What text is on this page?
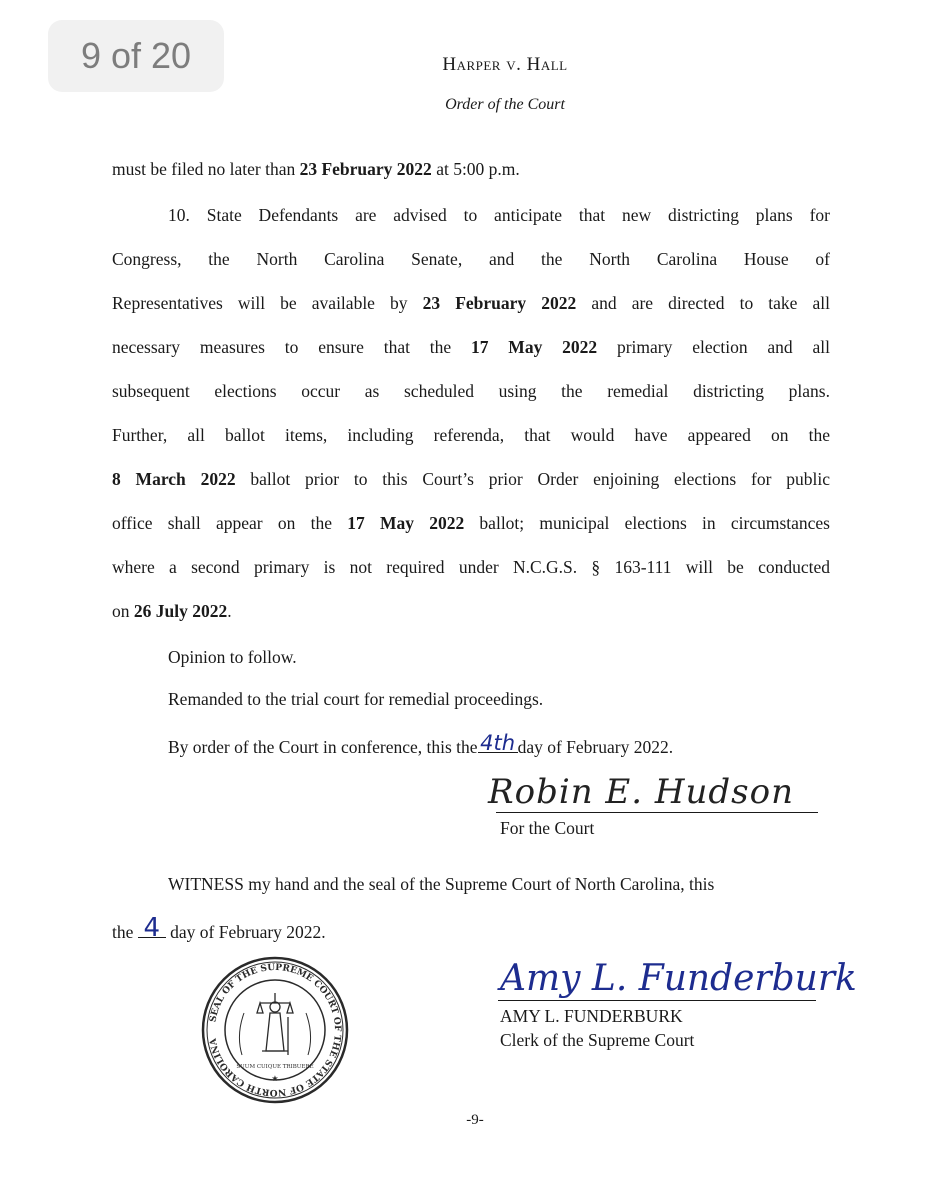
9 of 20	Harper v. Hall
Order of the Court
must be filed no later than 23 February 2022 at 5:00 p.m.
10. State Defendants are advised to anticipate that new districting plans for
Congress, the North Carolina Senate, and the North Carolina House of
Representatives will be available by 23 February 2022 and are directed to take all
necessary measures to ensure that the 17 May 2022 primary election and all
subsequent elections occur as scheduled using the remedial districting plans.
Further, all ballot items, including referenda, that would have appeared on the
8 March 2022 ballot prior to this Court’s prior Order enjoining elections for public
office shall appear on the 17 May 2022 ballot; municipal elections in circumstances
where a second primary is not required under N.C.G.S. § 163-111 will be conducted
on 26 July 2022.
Opinion to follow.
Remanded to the trial court for remedial proceedings.
By order of the Court in conference, this the 4th day of February 2022.
Robin E. Hudson
For the Court
WITNESS my hand and the seal of the Supreme Court of North Carolina, this
the 4 day of February 2022.
Amy L. Funderburk
AMY L. FUNDERBURK
Clerk of the Supreme Court
SEAL OF THE SUPREME COURT OF THE STATE OF NORTH CAROLINA
SUUM CUIQUE TRIBUERE
★
-9-
